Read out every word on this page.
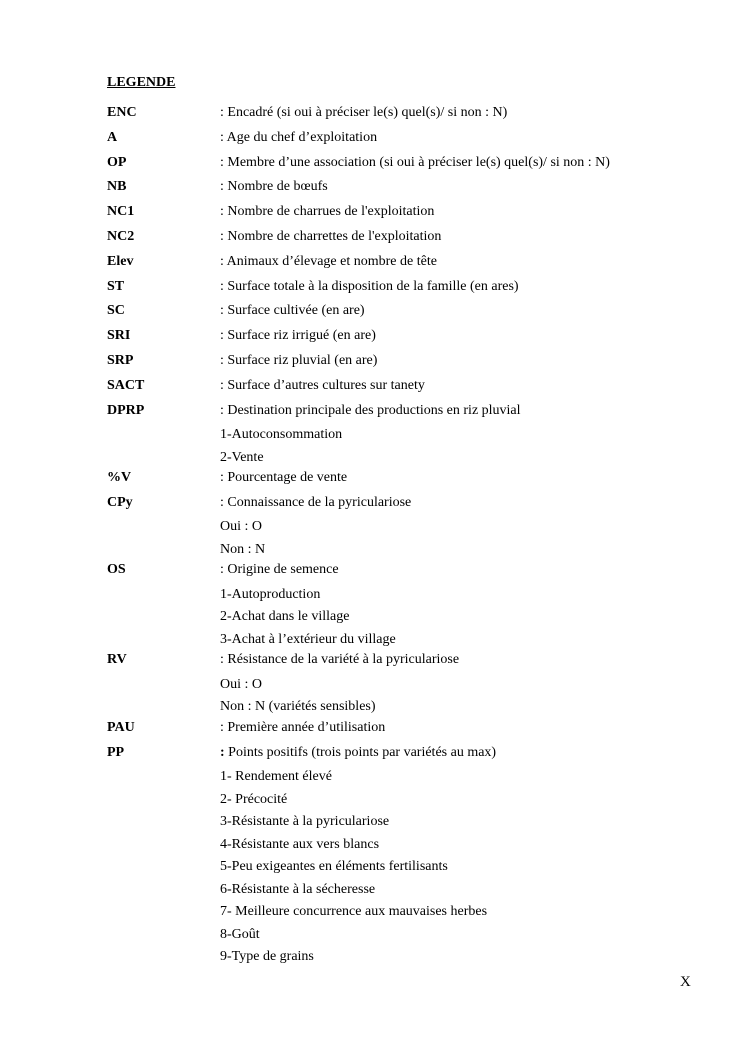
LEGENDE
ENC	: Encadré (si oui à préciser le(s) quel(s)/ si non : N)
A	: Age du chef d’exploitation
OP	: Membre d’une association (si oui à préciser le(s) quel(s)/ si non : N)
NB	: Nombre de bœufs
NC1	: Nombre de charrues de l'exploitation
NC2	: Nombre de charrettes de l'exploitation
Elev	: Animaux d’élevage et nombre de tête
ST	: Surface totale à la disposition de la famille (en ares)
SC	: Surface cultivée (en are)
SRI	: Surface riz irrigué (en are)
SRP	: Surface riz pluvial (en are)
SACT	: Surface d’autres cultures sur tanety
DPRP	: Destination principale des productions en riz pluvial
1-Autoconsommation
2-Vente
%V	: Pourcentage de vente
CPy	: Connaissance de la pyriculariose
Oui : O
Non : N
OS	: Origine de semence
1-Autoproduction
2-Achat dans le village
3-Achat à l’extérieur du village
RV	: Résistance de la variété à la pyriculariose
Oui : O
Non : N (variétés sensibles)
PAU	: Première année d’utilisation
PP	: Points positifs (trois points par variétés au max)
1- Rendement élevé
2- Précocité
3-Résistante à la pyriculariose
4-Résistante aux vers blancs
5-Peu exigeantes en éléments fertilisants
6-Résistante à la sécheresse
7- Meilleure concurrence aux mauvaises herbes
8-Goût
9-Type de grains
X
